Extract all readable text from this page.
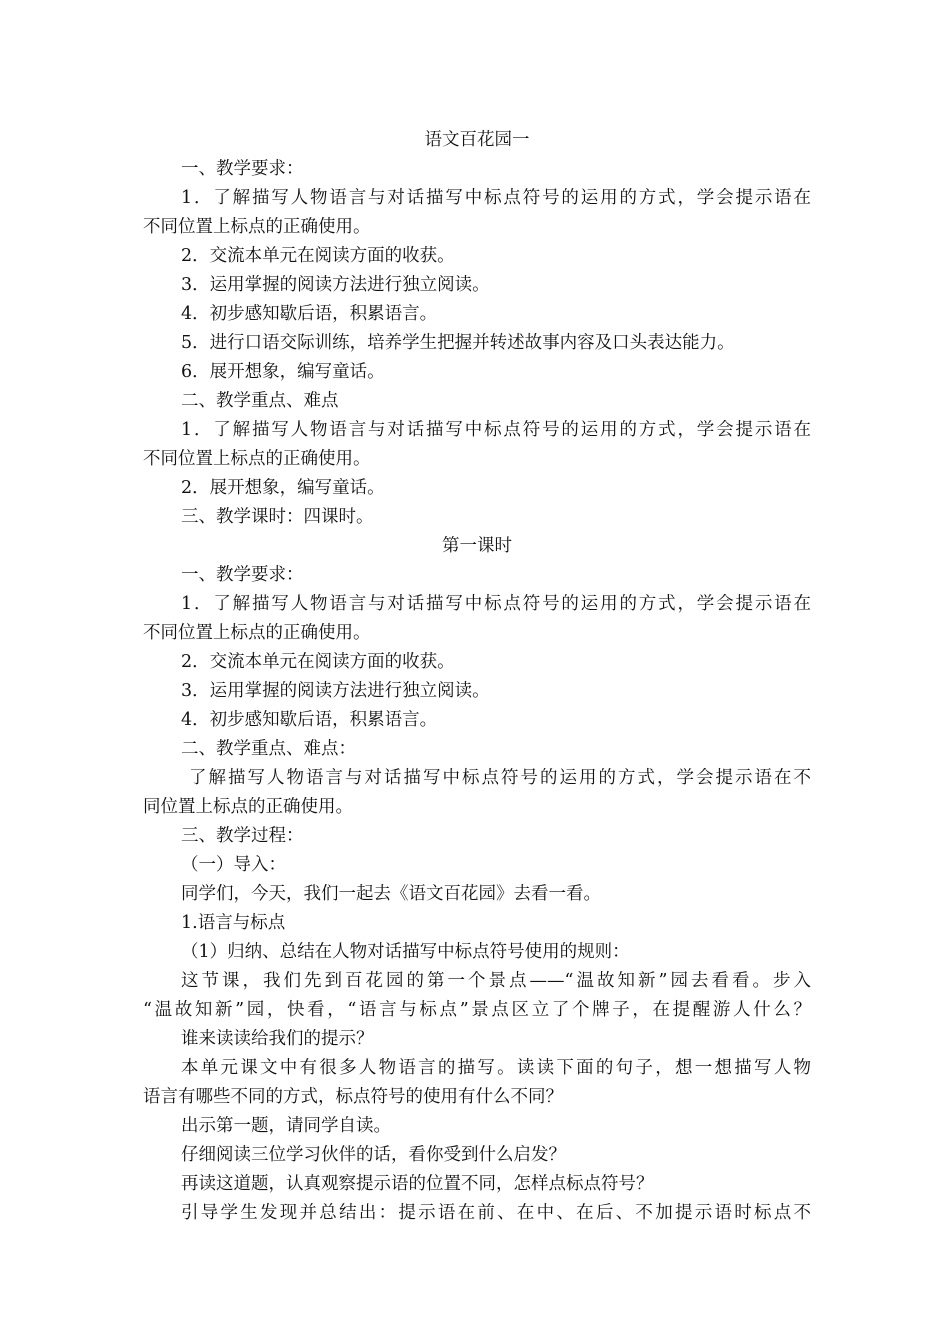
语文百花园一
一、教学要求：
1．了解描写人物语言与对话描写中标点符号的运用的方式，学会提示语在
不同位置上标点的正确使用。
2．交流本单元在阅读方面的收获。
3．运用掌握的阅读方法进行独立阅读。
4．初步感知歇后语，积累语言。
5．进行口语交际训练，培养学生把握并转述故事内容及口头表达能力。
6．展开想象，编写童话。
二、教学重点、难点
1．了解描写人物语言与对话描写中标点符号的运用的方式，学会提示语在
不同位置上标点的正确使用。
2．展开想象，编写童话。
三、教学课时：四课时。
第一课时
一、教学要求：
1．了解描写人物语言与对话描写中标点符号的运用的方式，学会提示语在
不同位置上标点的正确使用。
2．交流本单元在阅读方面的收获。
3．运用掌握的阅读方法进行独立阅读。
4．初步感知歇后语，积累语言。
二、教学重点、难点：
了解描写人物语言与对话描写中标点符号的运用的方式，学会提示语在不
同位置上标点的正确使用。
三、教学过程：
（一）导入：
同学们，今天，我们一起去《语文百花园》去看一看。
1.语言与标点
（1）归纳、总结在人物对话描写中标点符号使用的规则：
这节课，我们先到百花园的第一个景点——“温故知新”园去看看。步入
“温故知新”园，快看，“语言与标点”景点区立了个牌子，在提醒游人什么？
谁来读读给我们的提示？
本单元课文中有很多人物语言的描写。读读下面的句子，想一想描写人物
语言有哪些不同的方式，标点符号的使用有什么不同？
出示第一题，请同学自读。
仔细阅读三位学习伙伴的话，看你受到什么启发？
再读这道题，认真观察提示语的位置不同，怎样点标点符号？
引导学生发现并总结出：提示语在前、在中、在后、不加提示语时标点不
